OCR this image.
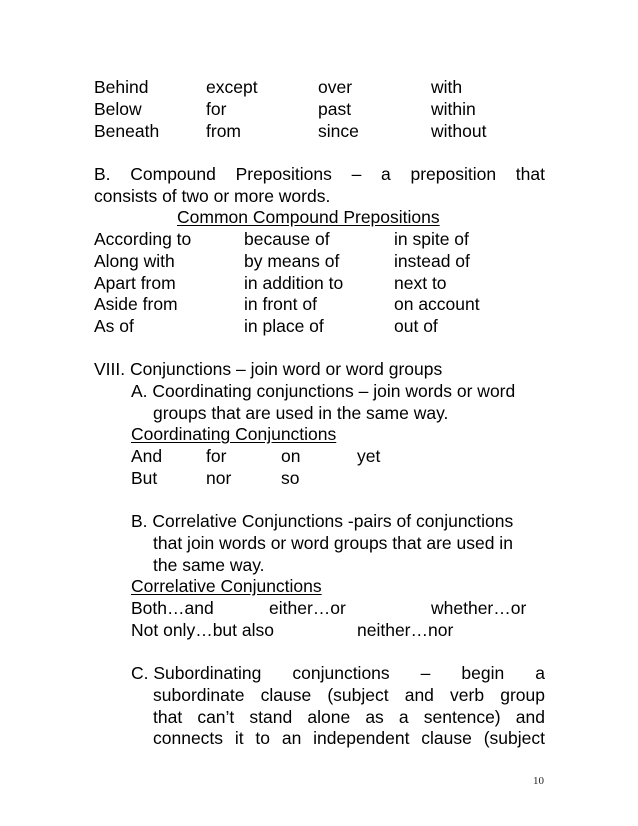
Behind	except	over	with
Below	for	past	within
Beneath	from	since	without
B. Compound Prepositions – a preposition that
consists of two or more words.
Common Compound Prepositions
According to	because of	in spite of
Along with	by means of	instead of
Apart from	in addition to	next to
Aside from	in front of	on account
As of	in place of	out of
VIII. Conjunctions – join word or word groups
A. Coordinating conjunctions – join words or word
groups that are used in the same way.
Coordinating Conjunctions
And	for	on	yet
But	nor	so
B. Correlative Conjunctions -pairs of conjunctions
that join words or word groups that are used in
the same way.
Correlative Conjunctions
Both…and	either…or	whether…or
Not only…but also	neither…nor
C. Subordinating conjunctions – begin a
subordinate clause (subject and verb group
that can’t stand alone as a sentence) and
connects it to an independent clause (subject
10
